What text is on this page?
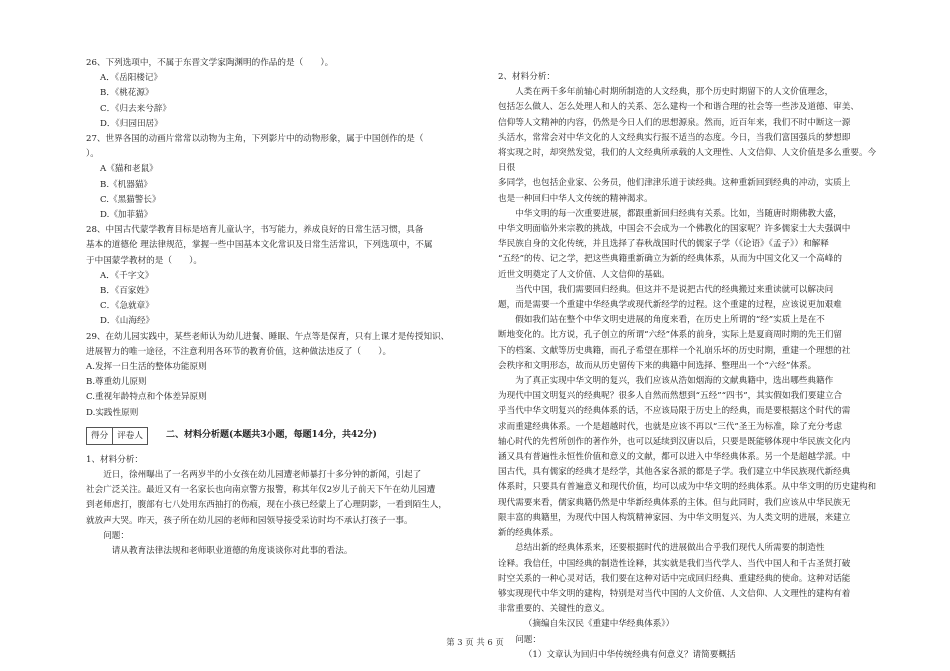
26、下列选项中，不属于东晋文学家陶渊明的作品的是（　　）。

A．《岳阳楼记》

B．《桃花源》

C．《归去来兮辞》

D．《归园田居》

27、世界各国的动画片常常以动物为主角，下列影片中的动物形象，属于中国创作的是（

）。

A《猫和老鼠》

B.《机器猫》

C.《黑猫警长》

D.《加菲猫》

28、中国古代蒙学教育目标是培育儿童认字，书写能力，养成良好的日常生活习惯，具备

基本的道德伦 理法律规范，掌握一些中国基本文化常识及日常生活常识，下列选项中，不属

于中国蒙学教材的是（　　）。

A．《千字文》

B．《百家姓》

C．《急就章》

D．《山海经》

29、在幼儿园实践中，某些老师认为幼儿进餐、睡眠、午点等是保育，只有上课才是传授知识、

进展智力的唯一途径，不注意利用各环节的教育价值，这种做法违反了（　　）。

A.发挥一日生活的整体功能原则

B.尊重幼儿原则

C.重视年龄特点和个体差异原则

D.实践性原则

得分	评卷人	二、材料分析题(本题共3小题，每题14分，共42分)

1、材料分析：

近日，徐州曝出了一名两岁半的小女孩在幼儿园遭老师暴打十多分钟的新闻，引起了

社会广泛关注。最近又有一名家长也向南京警方报警，称其年仅2岁儿子前天下午在幼儿园遭

到老师虐打，腹部有七八处用东西抽打的伤痕，现在小孩已经蒙上了心理阴影，一看到陌生人，

就放声大哭。昨天，孩子所在幼儿园的老师和园领导接受采访时均不承认打孩子一事。

问题：

请从教育法律法规和老师职业道德的角度谈谈你对此事的看法。

2、材料分析：

人类在两千多年前轴心时期所制造的人文经典，那个历史时期留下的人文价值理念，

包括怎么做人、怎么处理人和人的关系、怎么建构一个和谐合理的社会等一些涉及道德、审美、

信仰等人文精神的内容，仍然是今日人们的思想源泉。然而，近百年来，我们不时中断这一源

头活水，常常会对中华文化的人文经典实行报不适当的态度。今日，当我们富国强兵的梦想即

将实现之时，却突然发觉，我们的人文经典所承载的人文理性、人文信仰、人文价值是多么重要。今日很

多同学，也包括企业家、公务员，他们津津乐道于读经典。这种重新回到经典的冲动，实质上

也是一种回归中华人文传统的精神渴求。

中华文明的每一次重要进展，都跟重新回归经典有关系。比如，当随唐时期佛教大盛，

中华文明面临外来宗教的挑战，中国会不会成为一个佛教化的国家呢？许多儒家士大夫强调中

华民族自身的文化传统，并且选择了春秋战国时代的儒家子学（《论语》《孟子》）和解释

“五经”的传、记之学，把这些典籍重新确立为新的经典体系，从而为中国文化又一个高峰的

近世文明奠定了人文价值、人文信仰的基础。

当代中国，我们需要回归经典。但这并不是说把古代的经典搬过来重读就可以解决问

题，而是需要一个重建中华经典学或现代新经学的过程。这个重建的过程，应该说更加艰难

假如我们站在整个中华文明史进展的角度来看，在历史上所谓的“经”实质上是在不

断地变化的。比方说，孔子创立的所谓“六经”体系的前身，实际上是夏商周时期的先王们留

下的档案、文献等历史典籍，而孔子希望在那样一个礼崩乐坏的历史时期，重建一个理想的社

会秩序和文明形态，故而从历史留传下来的典籍中间选择、整理出一个“六经”体系。

为了真正实现中华文明的复兴，我们应该从浩如烟海的文献典籍中，选出哪些典籍作

为现代中国文明复兴的经典呢？很多人自然而然想到“五经”“四书”，其实假如我们要建立合

乎当代中华文明复兴的经典体系的话，不应该局限于历史上的经典，而是要根据这个时代的需

求而重建经典体系。一个是超越时代，也就是应该不再以“三代”圣王为标准，除了充分考虑

轴心时代的先哲所创作的著作外，也可以延续到汉唐以后，只要是既能够体现中华民族文化内

涵又具有普遍性永恒性价值和意义的文献，都可以进入中华经典体系。另一个是超越学派。中

国古代，具有儒家的经典才是经学，其他各家各派的都是子学。我们建立中华民族现代新经典

体系时，只要具有普遍意义和现代价值，均可以成为中华文明的经典体系。从中华文明的历史建构和

现代需要来看，儒家典籍仍然是中华新经典体系的主体。但与此同时，我们应该从中华民族无

限丰富的典籍里，为现代中国人构筑精神家园、为中华文明复兴、为人类文明的进展，来建立

新的经典体系。

总结出新的经典体系来，还要根据时代的进展做出合乎我们现代人所需要的制造性

诠释。我信任，中国经典的制造性诠释，其实就是我们当代学人、当代中国人和千古圣贤打破

时空关系的一种心灵对话，我们要在这种对话中完成回归经典、重建经典的使命。这种对话能

够实现现代中华文明的建构，特别是对当代中国的人文价值、人文信仰、人文理性的建构有着

非常重要的、关键性的意义。

（摘编自朱汉民《重建中华经典体系》）

问题：

（1）文章认为回归中华传统经典有何意义？请简要概括

第 3 页 共 6 页
